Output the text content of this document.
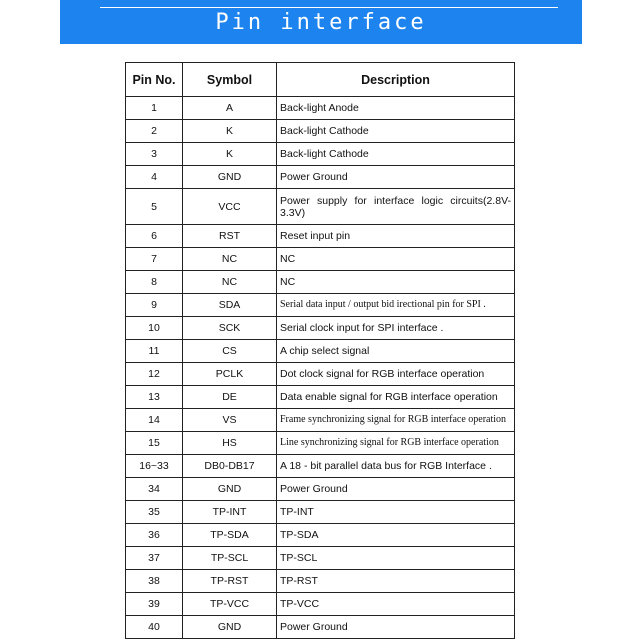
Pin interface
Pin No.	Symbol	Description
1	A	Back-light Anode
2	K	Back-light Cathode
3	K	Back-light Cathode
4	GND	Power Ground
5	VCC	Power supply for interface logic circuits(2.8V-3.3V)
6	RST	Reset input pin
7	NC	NC
8	NC	NC
9	SDA	Serial data input / output bid irectional pin for SPI .
10	SCK	Serial clock input for SPI interface .
11	CS	A chip select signal
12	PCLK	Dot clock signal for RGB interface operation
13	DE	Data enable signal for RGB interface operation
14	VS	Frame synchronizing signal for RGB interface operation
15	HS	Line synchronizing signal for RGB interface operation
16~33	DB0-DB17	A 18 - bit parallel data bus for RGB Interface .
34	GND	Power Ground
35	TP-INT	TP-INT
36	TP-SDA	TP-SDA
37	TP-SCL	TP-SCL
38	TP-RST	TP-RST
39	TP-VCC	TP-VCC
40	GND	Power Ground
